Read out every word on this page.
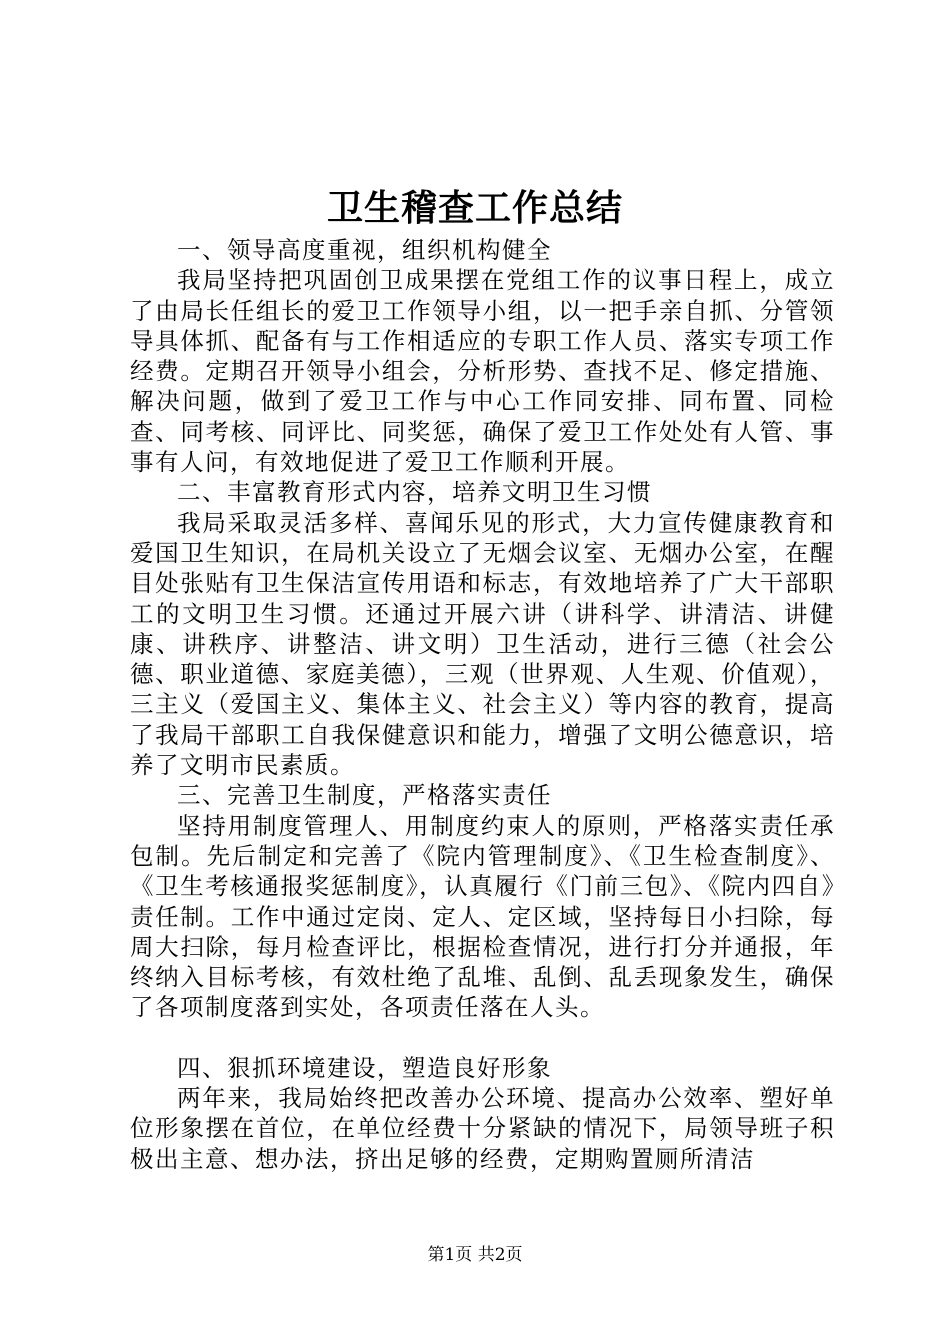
卫生稽查工作总结

一、领导高度重视，组织机构健全

我局坚持把巩固创卫成果摆在党组工作的议事日程上，成立了由局长任组长的爱卫工作领导小组，以一把手亲自抓、分管领导具体抓、配备有与工作相适应的专职工作人员、落实专项工作经费。定期召开领导小组会，分析形势、查找不足、修定措施、解决问题，做到了爱卫工作与中心工作同安排、同布置、同检查、同考核、同评比、同奖惩，确保了爱卫工作处处有人管、事事有人问，有效地促进了爱卫工作顺利开展。

二、丰富教育形式内容，培养文明卫生习惯

我局采取灵活多样、喜闻乐见的形式，大力宣传健康教育和爱国卫生知识，在局机关设立了无烟会议室、无烟办公室，在醒目处张贴有卫生保洁宣传用语和标志，有效地培养了广大干部职工的文明卫生习惯。还通过开展六讲（讲科学、讲清洁、讲健康、讲秩序、讲整洁、讲文明）卫生活动，进行三德（社会公德、职业道德、家庭美德），三观（世界观、人生观、价值观），三主义（爱国主义、集体主义、社会主义）等内容的教育，提高了我局干部职工自我保健意识和能力，增强了文明公德意识，培养了文明市民素质。

三、完善卫生制度，严格落实责任

坚持用制度管理人、用制度约束人的原则，严格落实责任承包制。先后制定和完善了《院内管理制度》、《卫生检查制度》、《卫生考核通报奖惩制度》，认真履行《门前三包》、《院内四自》责任制。工作中通过定岗、定人、定区域，坚持每日小扫除，每周大扫除，每月检查评比，根据检查情况，进行打分并通报，年终纳入目标考核，有效杜绝了乱堆、乱倒、乱丢现象发生，确保了各项制度落到实处，各项责任落在人头。

四、狠抓环境建设，塑造良好形象

两年来，我局始终把改善办公环境、提高办公效率、塑好单位形象摆在首位，在单位经费十分紧缺的情况下，局领导班子积极出主意、想办法，挤出足够的经费，定期购置厕所清洁

第1页 共2页
